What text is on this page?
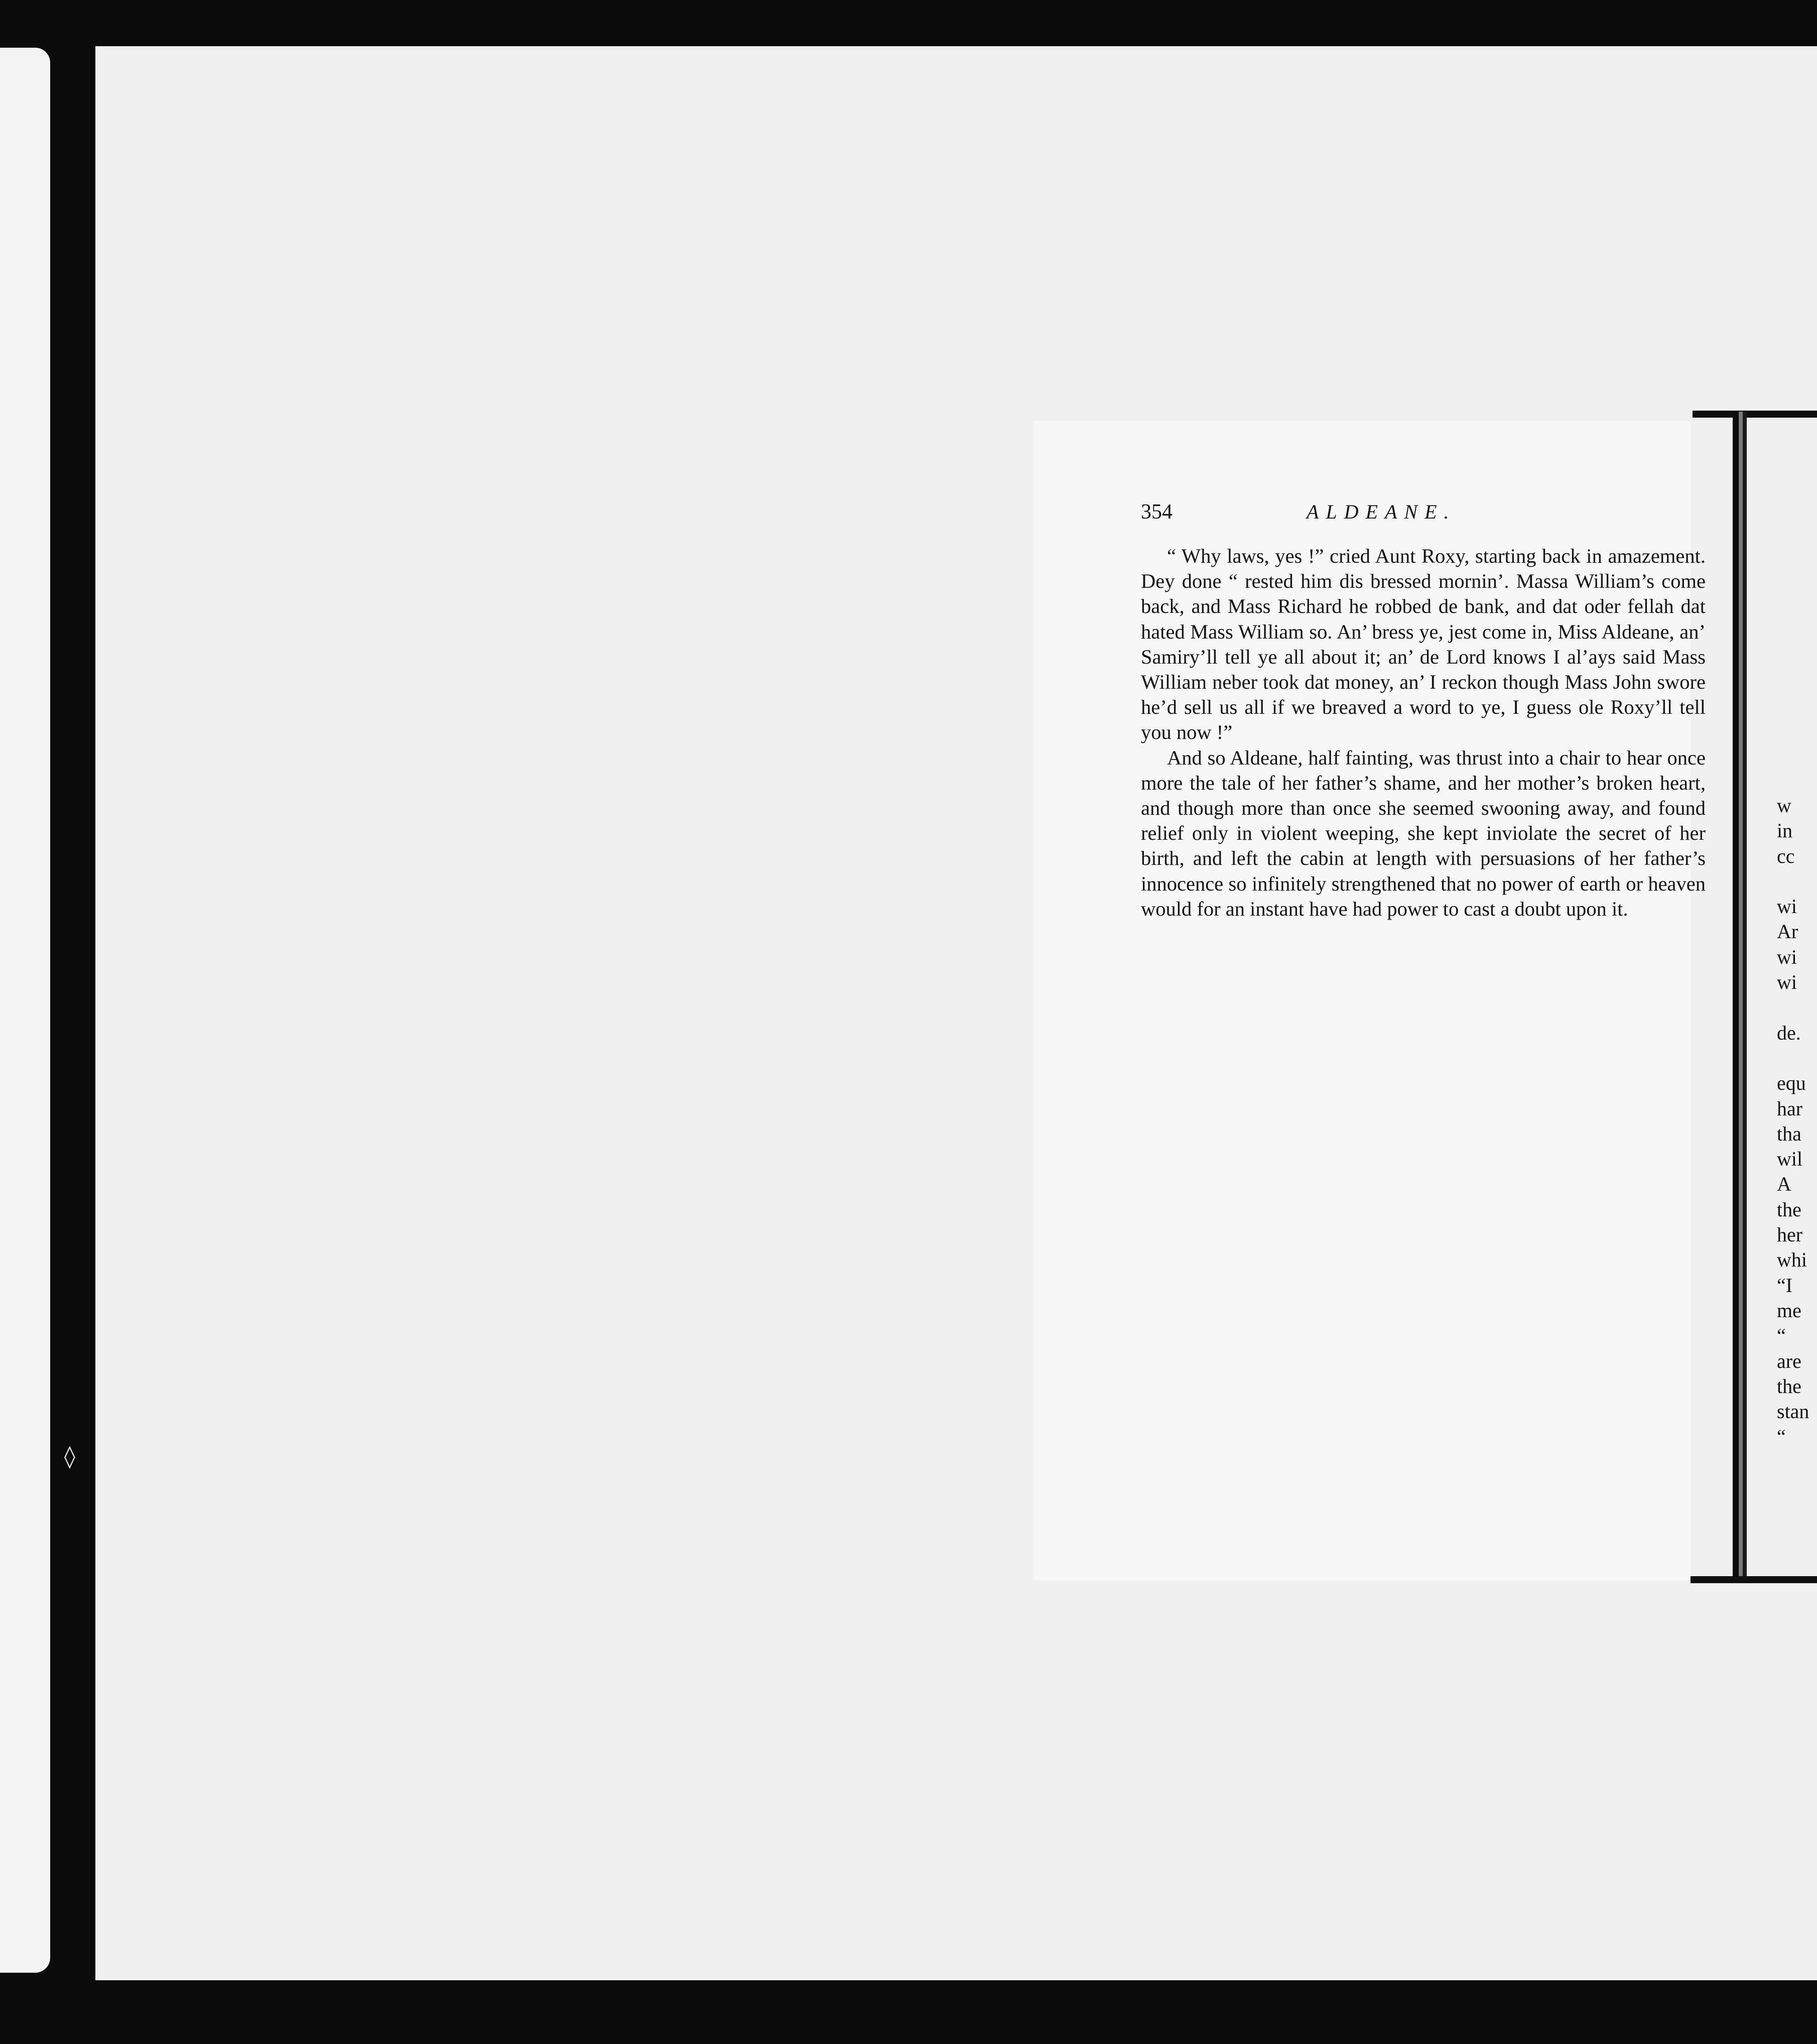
◊
354	ALDEANE.

“ Why laws, yes !” cried Aunt Roxy, starting back in amazement. Dey done “ rested him dis bressed mornin’. Massa William’s come back, and Mass Richard he robbed de bank, and dat oder fellah dat hated Mass William so. An’ bress ye, jest come in, Miss Aldeane, an’ Samiry’ll tell ye all about it; an’ de Lord knows I al’ays said Mass William neber took dat money, an’ I reckon though Mass John swore he’d sell us all if we breaved a word to ye, I guess ole Roxy’ll tell you now !”

And so Aldeane, half fainting, was thrust into a chair to hear once more the tale of her father’s shame, and her mother’s broken heart, and though more than once she seemed swooning away, and found relief only in violent weeping, she kept inviolate the secret of her birth, and left the cabin at length with persuasions of her father’s innocence so infinitely strengthened that no power of earth or heaven would for an instant have had power to cast a doubt upon it.

w
in
cc
wi
Ar
wi
wi
de.
equ
har
tha
wil
A
the
her
whi
“I
me
“
are
the
stan
“
